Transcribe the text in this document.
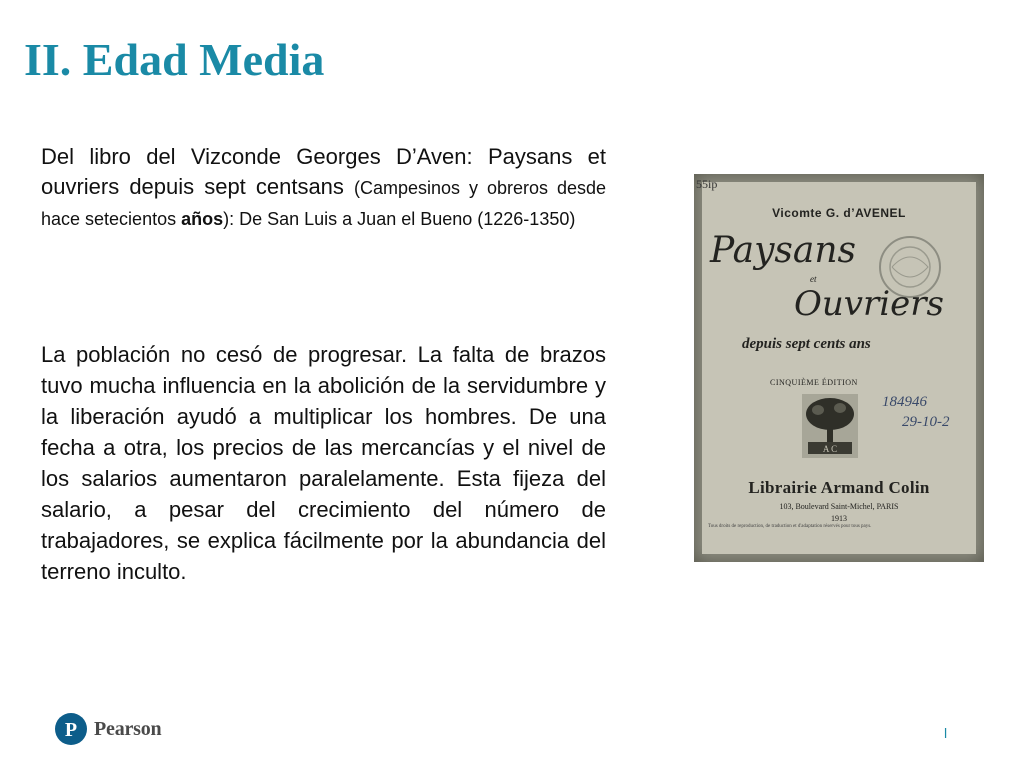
II. Edad Media

Del libro del Vizconde Georges D’Aven: Paysans et ouvriers depuis sept centsans (Campesinos y obreros desde hace setecientos años): De San Luis a Juan el Bueno (1226-1350)

La población no cesó de progresar. La falta de brazos tuvo mucha influencia en la abolición de la servidumbre y la liberación ayudó a multiplicar los hombres. De una fecha a otra, los precios de las mercancías y el nivel de los salarios aumentaron paralelamente. Esta fijeza del salario, a pesar del crecimiento del número de trabajadores, se explica fácilmente por la abundancia del terreno inculto.

55ip
Vicomte G. d’AVENEL
Paysans
et
Ouvriers
depuis sept cents ans
CINQUIÈME ÉDITION
A C
184946
29-10-2
Librairie Armand Colin
103, Boulevard Saint-Michel, PARIS
1913
Tous droits de reproduction, de traduction et d'adaptation réservés pour tous pays.
P Pearson	l
